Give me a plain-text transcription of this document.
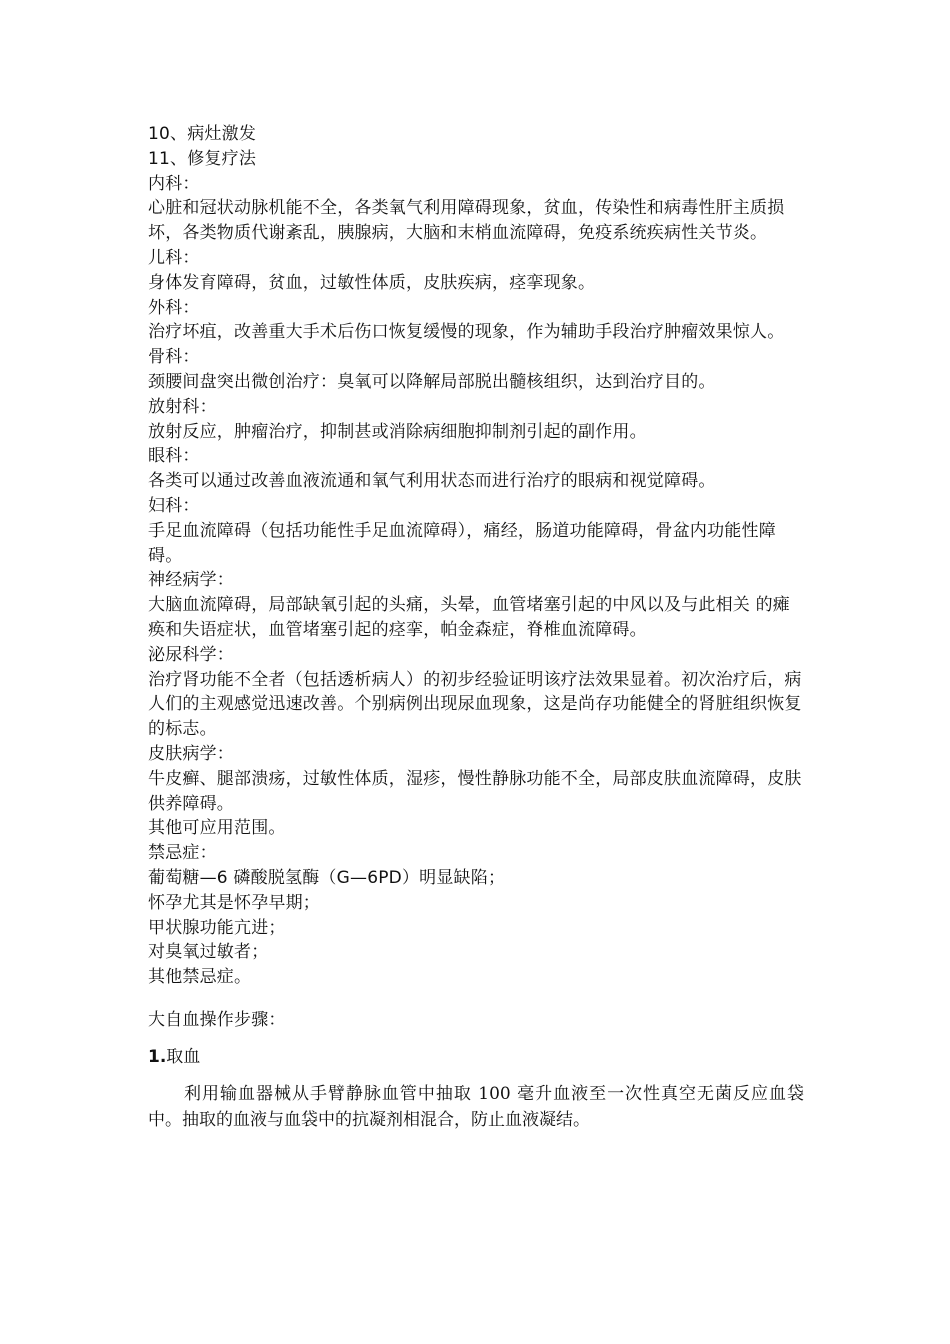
10、病灶激发

11、修复疗法

内科：

心脏和冠状动脉机能不全，各类氧气利用障碍现象，贫血，传染性和病毒性肝主质损坏，各类物质代谢紊乱，胰腺病，大脑和末梢血流障碍，免疫系统疾病性关节炎。

儿科：

身体发育障碍，贫血，过敏性体质，皮肤疾病，痉挛现象。

外科：

治疗坏疽，改善重大手术后伤口恢复缓慢的现象，作为辅助手段治疗肿瘤效果惊人。

骨科：

颈腰间盘突出微创治疗：臭氧可以降解局部脱出髓核组织，达到治疗目的。

放射科：

放射反应，肿瘤治疗，抑制甚或消除病细胞抑制剂引起的副作用。

眼科：

各类可以通过改善血液流通和氧气利用状态而进行治疗的眼病和视觉障碍。

妇科：

手足血流障碍（包括功能性手足血流障碍），痛经，肠道功能障碍，骨盆内功能性障碍。

神经病学：

大脑血流障碍，局部缺氧引起的头痛，头晕，血管堵塞引起的中风以及与此相关 的瘫痪和失语症状，血管堵塞引起的痉挛，帕金森症，脊椎血流障碍。

泌尿科学：

治疗肾功能不全者（包括透析病人）的初步经验证明该疗法效果显着。初次治疗后，病人们的主观感觉迅速改善。个别病例出现尿血现象，这是尚存功能健全的肾脏组织恢复的标志。

皮肤病学：

牛皮癣、腿部溃疡，过敏性体质，湿疹，慢性静脉功能不全，局部皮肤血流障碍，皮肤供养障碍。

其他可应用范围。

禁忌症：

葡萄糖—6 磷酸脱氢酶（G—6PD）明显缺陷；

怀孕尤其是怀孕早期；

甲状腺功能亢进；

对臭氧过敏者；

其他禁忌症。

大自血操作步骤：

1.取血

利用输血器械从手臂静脉血管中抽取 100 毫升血液至一次性真空无菌反应血袋中。抽取的血液与血袋中的抗凝剂相混合，防止血液凝结。
